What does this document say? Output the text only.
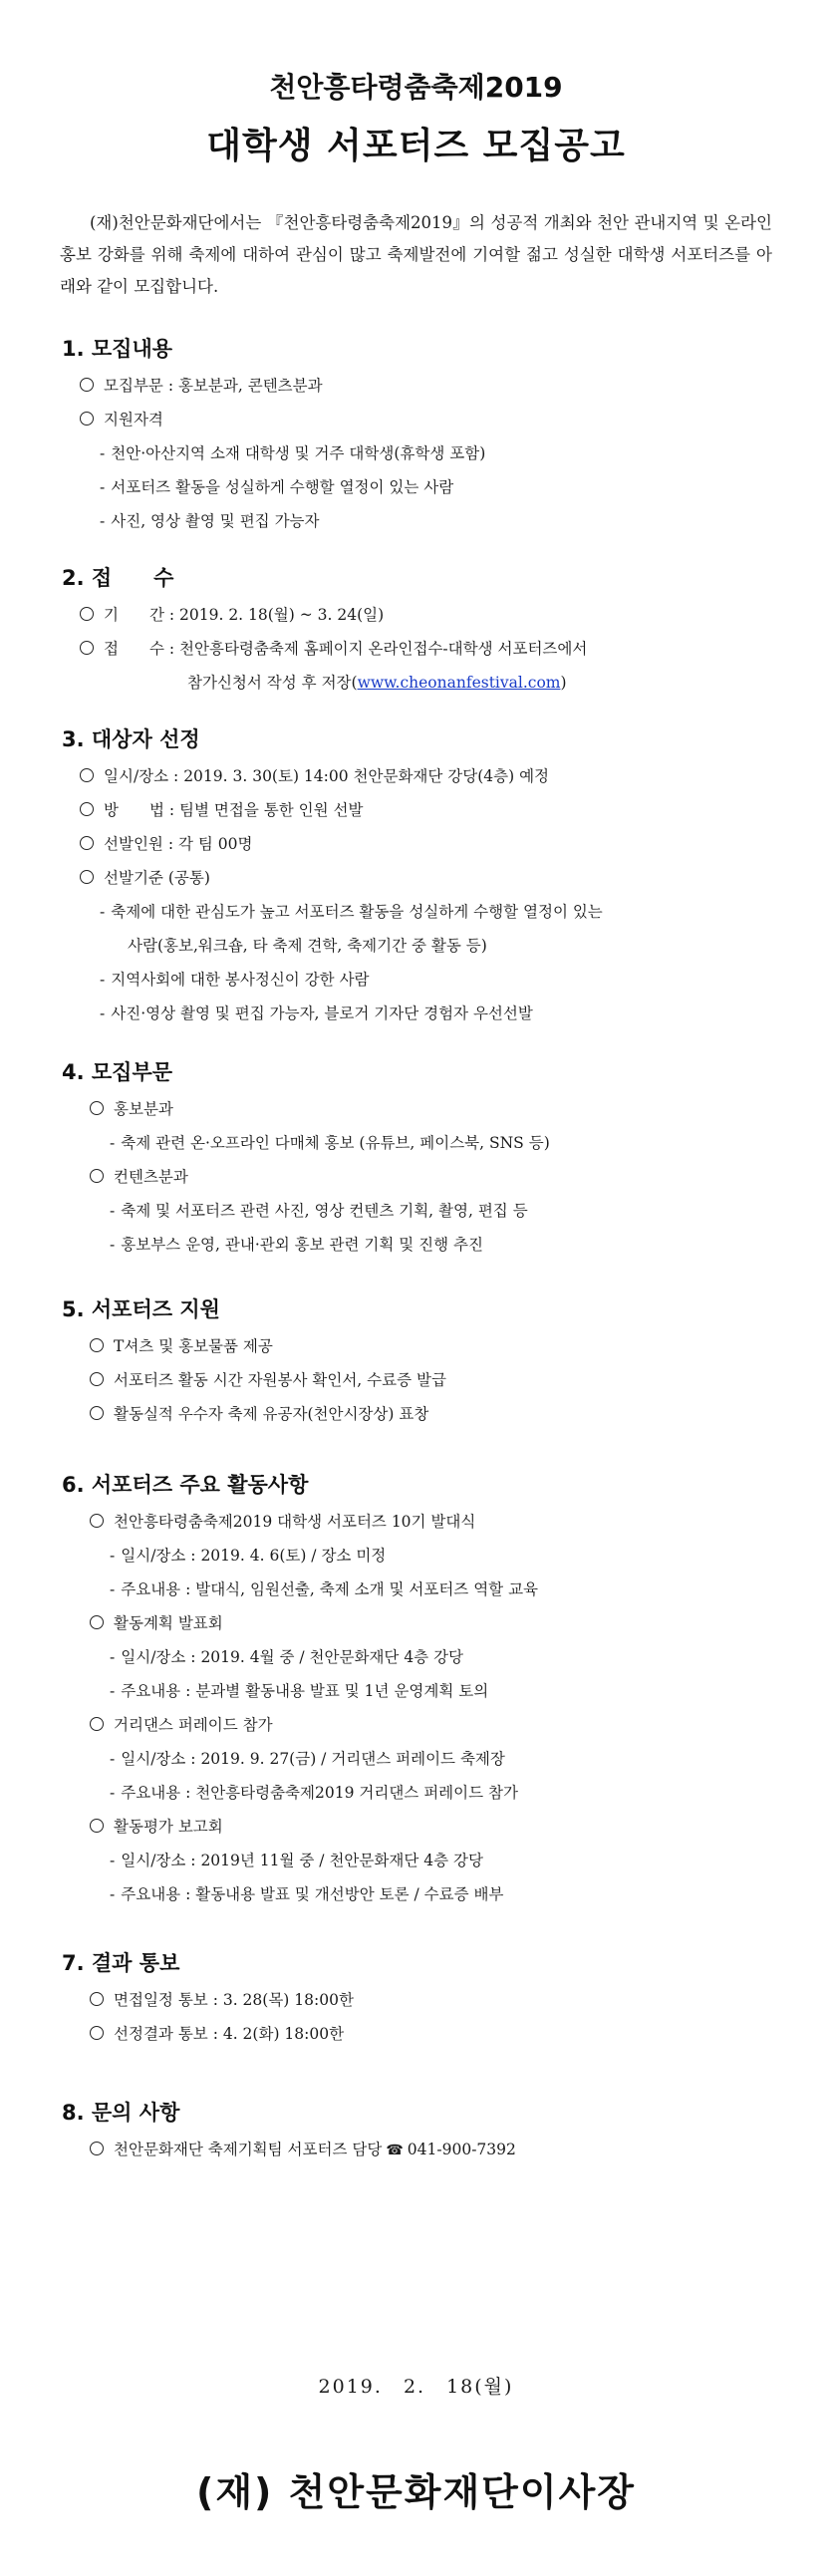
천안흥타령춤축제2019
대학생 서포터즈 모집공고
(재)천안문화재단에서는 『천안흥타령춤축제2019』의 성공적 개최와 천안 관내지역 및 온라인 홍보 강화를 위해 축제에 대하여 관심이 많고 축제발전에 기여할 젊고 성실한 대학생 서포터즈를 아래와 같이 모집합니다.
1. 모집내용
모집부문 : 홍보분과, 콘텐츠분과
지원자격
- 천안·아산지역 소재 대학생 및 거주 대학생(휴학생 포함)
- 서포터즈 활동을 성실하게 수행할 열정이 있는 사람
- 사진, 영상 촬영 및 편집 가능자
2. 접　　수
기　　간 : 2019. 2. 18(월) ~ 3. 24(일)
접　　수 : 천안흥타령춤축제 홈페이지 온라인접수-대학생 서포터즈에서
참가신청서 작성 후 저장(www.cheonanfestival.com)
3. 대상자 선정
일시/장소 : 2019. 3. 30(토) 14:00 천안문화재단 강당(4층) 예정
방　　법 : 팀별 면접을 통한 인원 선발
선발인원 : 각 팀 00명
선발기준 (공통)
- 축제에 대한 관심도가 높고 서포터즈 활동을 성실하게 수행할 열정이 있는
사람(홍보,워크숍, 타 축제 견학, 축제기간 중 활동 등)
- 지역사회에 대한 봉사정신이 강한 사람
- 사진·영상 촬영 및 편집 가능자, 블로거 기자단 경험자 우선선발
4. 모집부문
홍보분과
- 축제 관련 온·오프라인 다매체 홍보 (유튜브, 페이스북, SNS 등)
컨텐츠분과
- 축제 및 서포터즈 관련 사진, 영상 컨텐츠 기획, 촬영, 편집 등
- 홍보부스 운영, 관내·관외 홍보 관련 기획 및 진행 추진
5. 서포터즈 지원
T셔츠 및 홍보물품 제공
서포터즈 활동 시간 자원봉사 확인서, 수료증 발급
활동실적 우수자 축제 유공자(천안시장상) 표창
6. 서포터즈 주요 활동사항
천안흥타령춤축제2019 대학생 서포터즈 10기 발대식
- 일시/장소 : 2019. 4. 6(토) / 장소 미정
- 주요내용 : 발대식, 임원선출, 축제 소개 및 서포터즈 역할 교육
활동계획 발표회
- 일시/장소 : 2019. 4월 중 / 천안문화재단 4층 강당
- 주요내용 : 분과별 활동내용 발표 및 1년 운영계획 토의
거리댄스 퍼레이드 참가
- 일시/장소 : 2019. 9. 27(금) / 거리댄스 퍼레이드 축제장
- 주요내용 : 천안흥타령춤축제2019 거리댄스 퍼레이드 참가
활동평가 보고회
- 일시/장소 : 2019년 11월 중 / 천안문화재단 4층 강당
- 주요내용 : 활동내용 발표 및 개선방안 토론 / 수료증 배부
7. 결과 통보
면접일정 통보 : 3. 28(목) 18:00한
선정결과 통보 : 4. 2(화) 18:00한
8. 문의 사항
천안문화재단 축제기획팀 서포터즈 담당 ☎ 041-900-7392
2019.　2.　18(월)
(재) 천안문화재단이사장
